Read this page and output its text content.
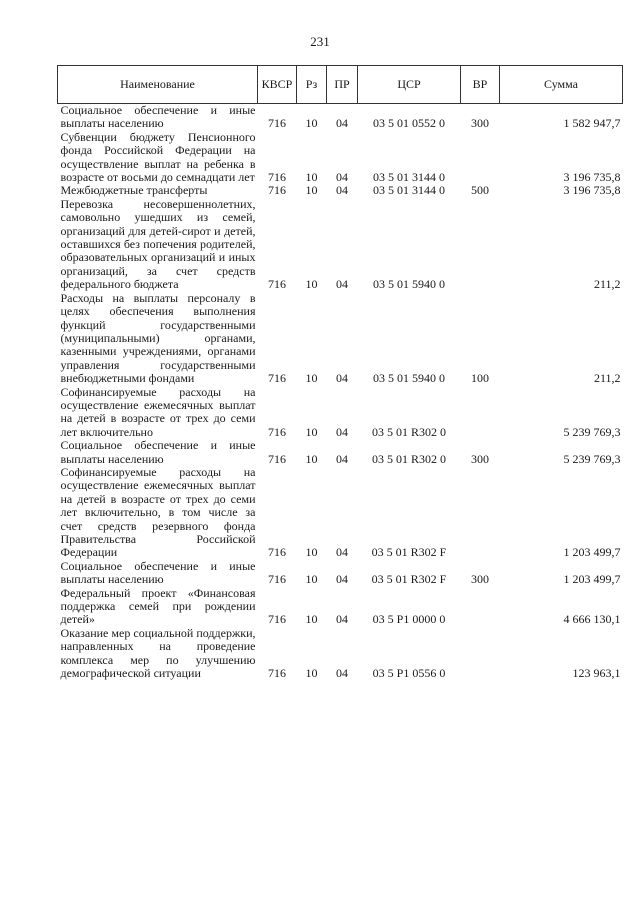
231
Наименование	КВСР	Рз	ПР	ЦСР	ВР	Сумма
Социальное обеспечение и иные выплаты населению	716	10	04	03 5 01 0552 0	300	1 582 947,7
Субвенции бюджету Пенсионного фонда Российской Федерации на осуществление выплат на ребенка в возрасте от восьми до семнадцати лет	716	10	04	03 5 01 3144 0		3 196 735,8
Межбюджетные трансферты	716	10	04	03 5 01 3144 0	500	3 196 735,8
Перевозка несовершеннолетних, самовольно ушедших из семей, организаций для детей-сирот и детей, оставшихся без попечения родителей, образовательных организаций и иных организаций, за счет средств федерального бюджета	716	10	04	03 5 01 5940 0		211,2
Расходы на выплаты персоналу в целях обеспечения выполнения функций государственными (муниципальными) органами, казенными учреждениями, органами управления государственными внебюджетными фондами	716	10	04	03 5 01 5940 0	100	211,2
Софинансируемые расходы на осуществление ежемесячных выплат на детей в возрасте от трех до семи лет включительно	716	10	04	03 5 01 R302 0		5 239 769,3
Социальное обеспечение и иные выплаты населению	716	10	04	03 5 01 R302 0	300	5 239 769,3
Софинансируемые расходы на осуществление ежемесячных выплат на детей в возрасте от трех до семи лет включительно, в том числе за счет средств резервного фонда Правительства Российской Федерации	716	10	04	03 5 01 R302 F		1 203 499,7
Социальное обеспечение и иные выплаты населению	716	10	04	03 5 01 R302 F	300	1 203 499,7
Федеральный проект «Финансовая поддержка семей при рождении детей»	716	10	04	03 5 P1 0000 0		4 666 130,1
Оказание мер социальной поддержки, направленных на проведение комплекса мер по улучшению демографической ситуации	716	10	04	03 5 P1 0556 0		123 963,1
